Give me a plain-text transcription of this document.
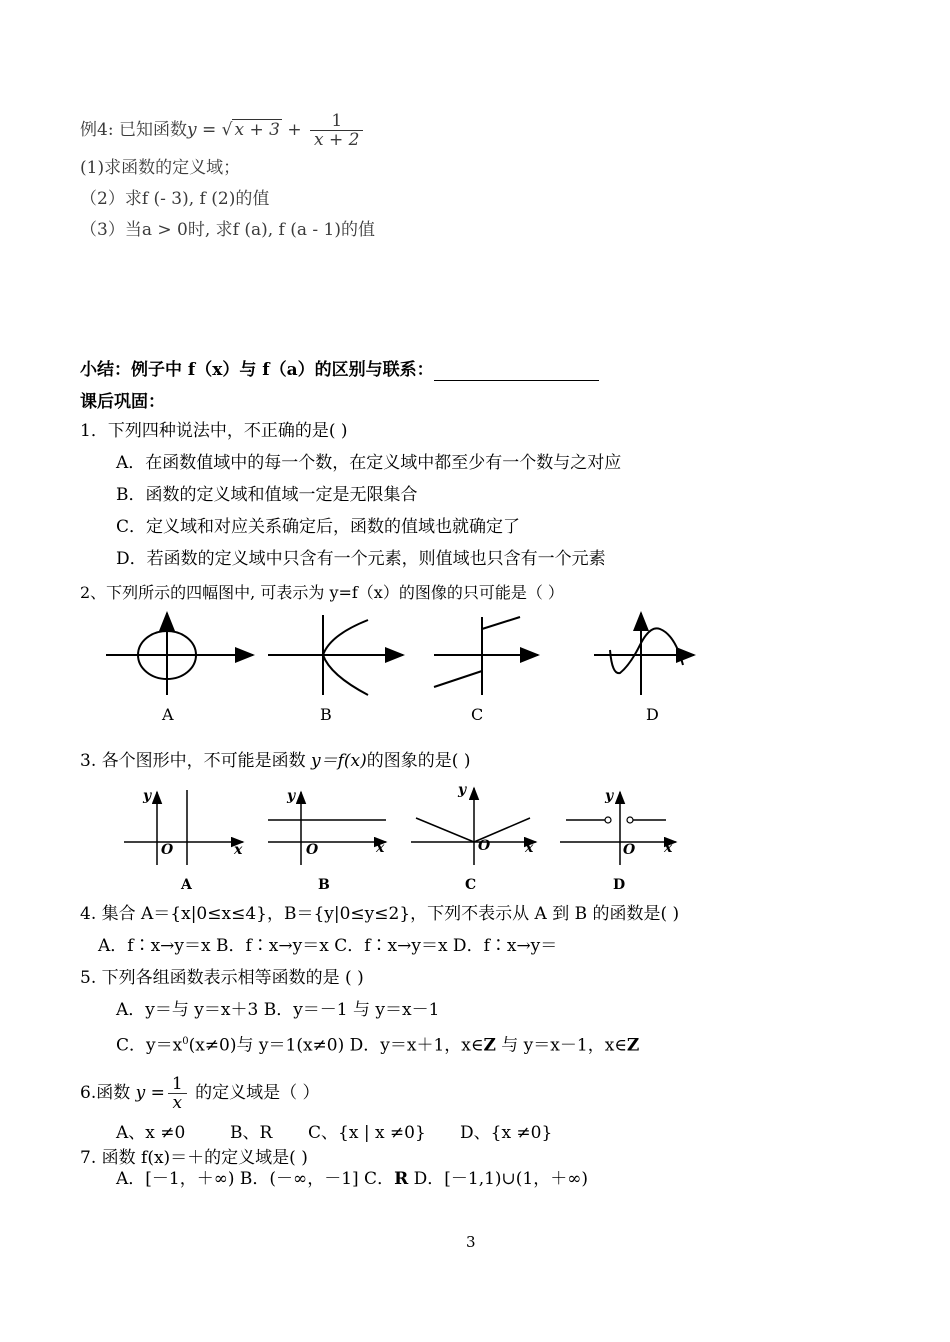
例4: 已知函数y = √ $x + 3 + \frac{1}{x + 2}$
(1)求函数的定义域；
（2）求f (- 3), f (2)的值
（3）当a > 0时, 求f (a), f (a - 1)的值
小结：例子中 f（x）与 f（a）的区别与联系：
课后巩固：
1．下列四种说法中，不正确的是( )
A．在函数值域中的每一个数，在定义域中都至少有一个数与之对应
B．函数的定义域和值域一定是无限集合
C．定义域和对应关系确定后，函数的值域也就确定了
D．若函数的定义域中只含有一个元素，则值域也只含有一个元素
2、下列所示的四幅图中, 可表示为 y=f（x）的图像的只可能是（ ）
A	B	C	D
3. 各个图形中，不可能是函数 y＝f(x)的图象的是( )
y
x
O
y
x
O
y
x
O
y
x
O
A	B	C	D
4. 集合 A＝{x|0≤x≤4}，B＝{y|0≤y≤2}，下列不表示从 A 到 B 的函数是( )
A．f∶x→y＝x B．f∶x→y＝x C．f∶x→y＝x D．f∶x→y＝
5. 下列各组函数表示相等函数的是 ( )
A．y＝与 y＝x＋3 B．y＝－1 与 y＝x－1
C．$y=x^0(x\ne 0)$与 y＝1(x≠0) D．y＝x＋1，x∈Z 与 y＝x－1，x∈Z
6.函数 $y = \frac{1}{x}$ 的定义域是（ ）
A、x ≠0	B、R C、{x | x ≠0} D、{x ≠0}
7. 函数 f(x)＝＋的定义域是( )
A．[－1，＋∞) B．(－∞，－1] C．R D．[－1,1)∪(1，＋∞)
3
